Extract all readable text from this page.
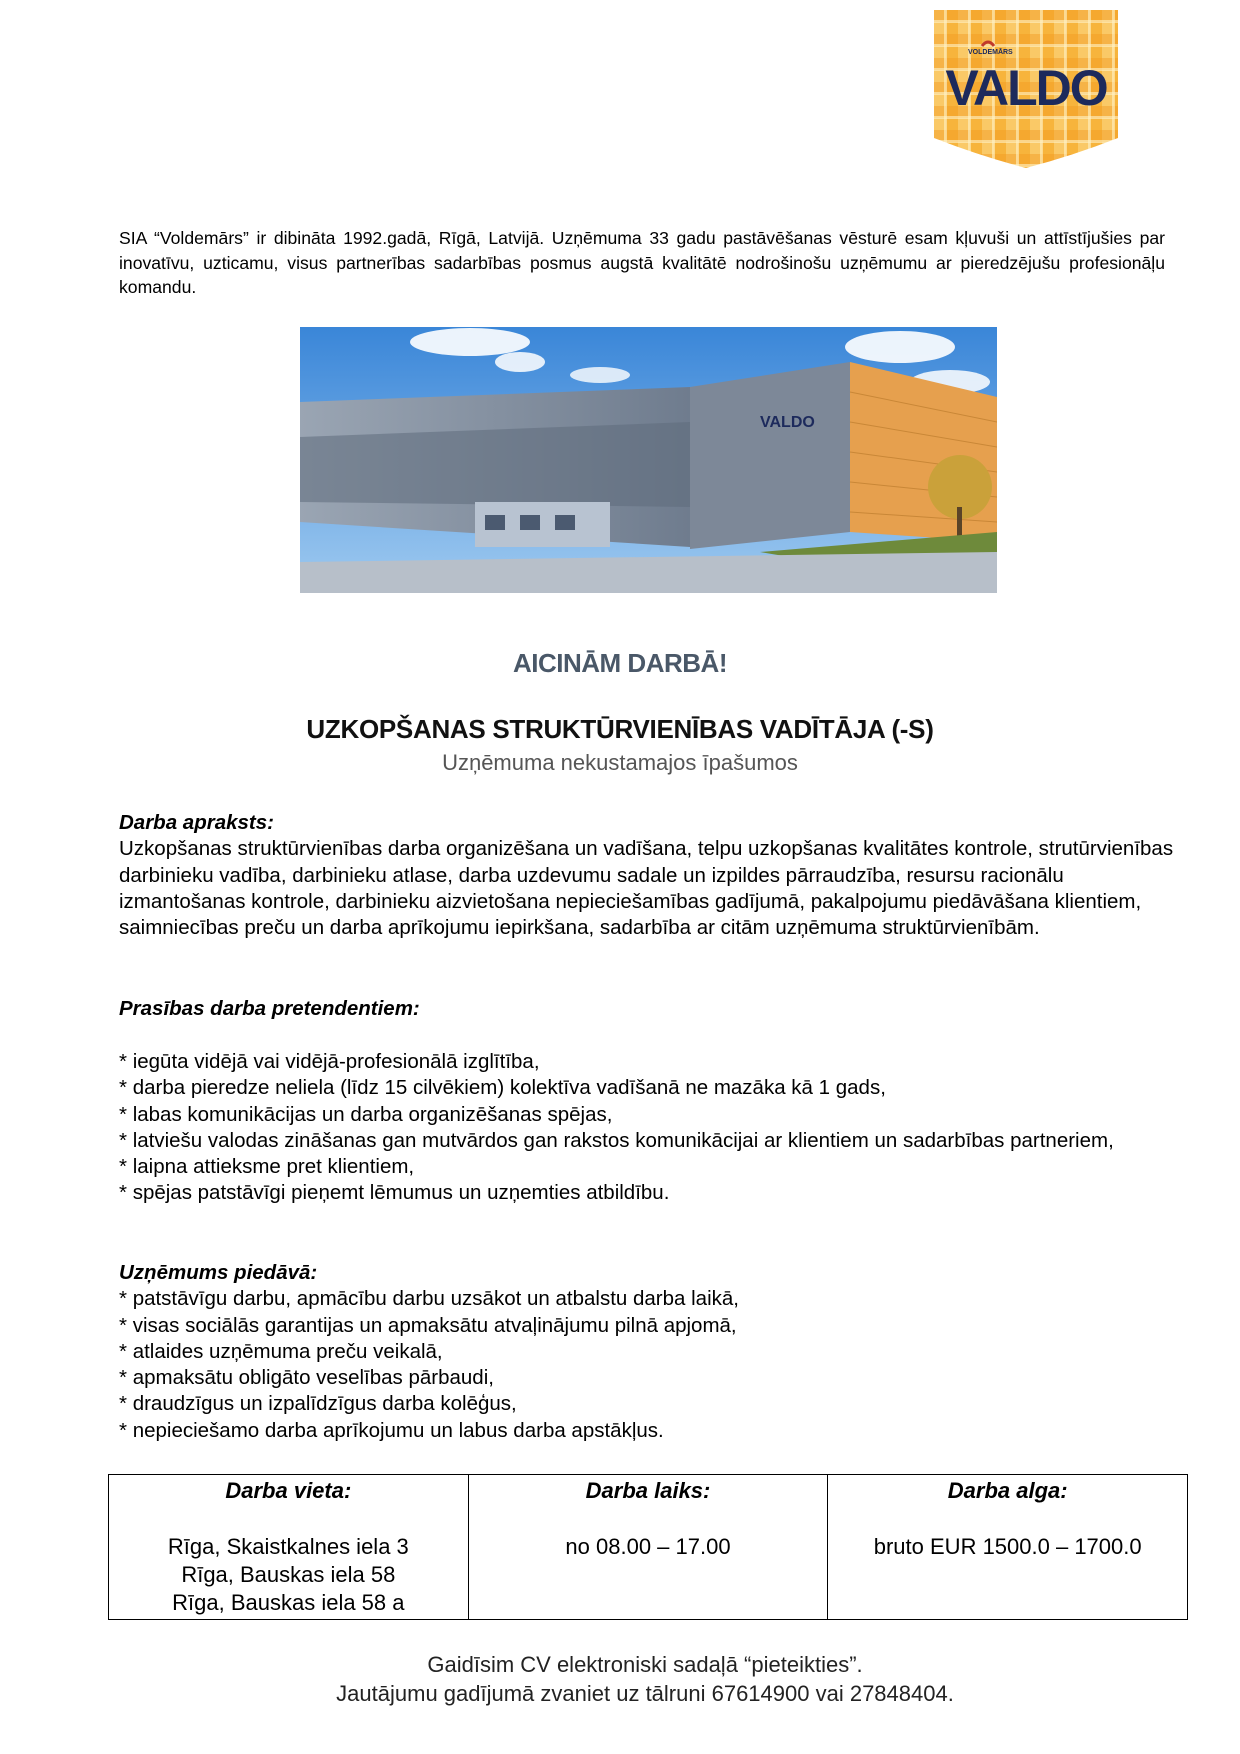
VOLDEMĀRS
VALDO
SIA “Voldemārs” ir dibināta 1992.gadā, Rīgā, Latvijā. Uzņēmuma 33 gadu pastāvēšanas vēsturē esam kļuvuši un attīstījušies par inovatīvu, uzticamu, visus partnerības sadarbības posmus augstā kvalitātē nodrošinošu uzņēmumu ar pieredzējušu profesionāļu komandu.
VALDO
AICINĀM DARBĀ!
UZKOPŠANAS STRUKTŪRVIENĪBAS VADĪTĀJA (-S)
Uzņēmuma nekustamajos īpašumos
Darba apraksts:

Uzkopšanas struktūrvienības darba organizēšana un vadīšana, telpu uzkopšanas kvalitātes kontrole, strutūrvienības darbinieku vadība, darbinieku atlase, darba uzdevumu sadale un izpildes pārraudzība, resursu racionālu izmantošanas kontrole, darbinieku aizvietošana nepieciešamības gadījumā, pakalpojumu piedāvāšana klientiem, saimniecības preču un darba aprīkojumu iepirkšana, sadarbība ar citām uzņēmuma struktūrvienībām.

Prasības darba pretendentiem:
* iegūta vidējā vai vidējā-profesionālā izglītība,
* darba pieredze neliela (līdz 15 cilvēkiem) kolektīva vadīšanā ne mazāka kā 1 gads,
* labas komunikācijas un darba organizēšanas spējas,
* latviešu valodas zināšanas gan mutvārdos gan rakstos komunikācijai ar klientiem un sadarbības partneriem,
* laipna attieksme pret klientiem,
* spējas patstāvīgi pieņemt lēmumus un uzņemties atbildību.
Uzņēmums piedāvā:
* patstāvīgu darbu, apmācību darbu uzsākot un atbalstu darba laikā,
* visas sociālās garantijas un apmaksātu atvaļinājumu pilnā apjomā,
* atlaides uzņēmuma preču veikalā,
* apmaksātu obligāto veselības pārbaudi,
* draudzīgus un izpalīdzīgus darba kolēģus,
* nepieciešamo darba aprīkojumu un labus darba apstākļus.
Darba vieta:
Rīga, Skaistkalnes iela 3
Rīga, Bauskas iela 58
Rīga, Bauskas iela 58 a
Darba laiks:
no 08.00 – 17.00
Darba alga:
bruto EUR 1500.0 – 1700.0
Gaidīsim CV elektroniski sadaļā “pieteikties”.
Jautājumu gadījumā zvaniet uz tālruni 67614900 vai 27848404.
